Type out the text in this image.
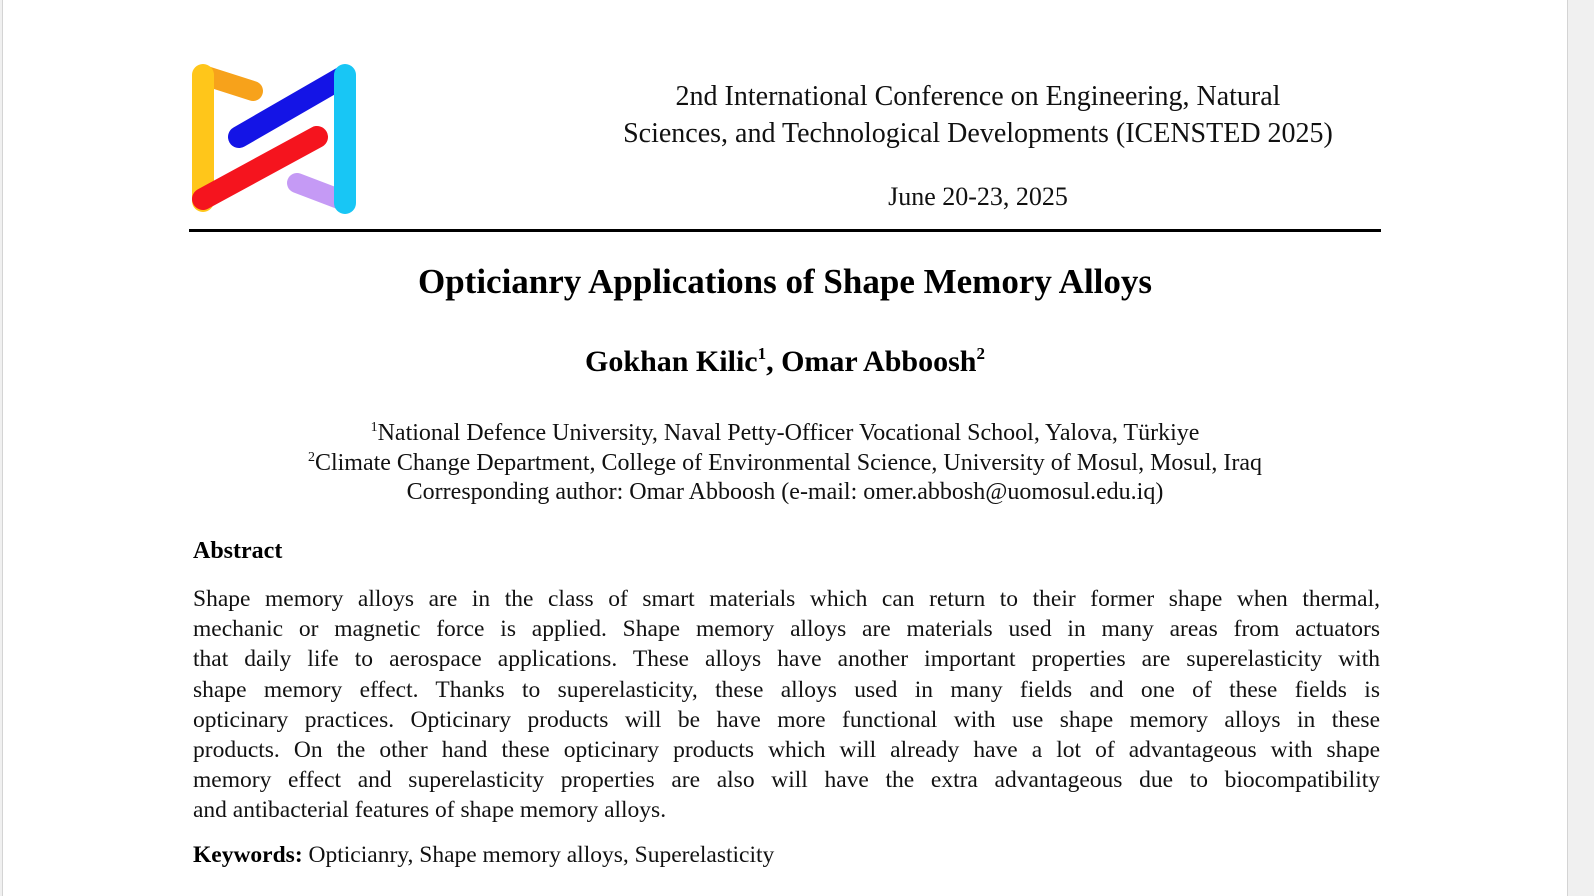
2nd International Conference on Engineering, Natural
Sciences, and Technological Developments (ICENSTED 2025)
June 20-23, 2025
Opticianry Applications of Shape Memory Alloys
Gokhan Kilic$^1$, Omar Abboosh$^2$
$^1$National Defence University, Naval Petty-Officer Vocational School, Yalova, Türkiye
$^2$Climate Change Department, College of Environmental Science, University of Mosul, Mosul, Iraq
Corresponding author: Omar Abboosh (e-mail: omer.abbosh@uomosul.edu.iq)
Abstract
Shape memory alloys are in the class of smart materials which can return to their former shape when thermal,
mechanic or magnetic force is applied. Shape memory alloys are materials used in many areas from actuators
that daily life to aerospace applications. These alloys have another important properties are superelasticity with
shape memory effect. Thanks to superelasticity, these alloys used in many fields and one of these fields is
opticinary practices. Opticinary products will be have more functional with use shape memory alloys in these
products. On the other hand these opticinary products which will already have a lot of advantageous with shape
memory effect and superelasticity properties are also will have the extra advantageous due to biocompatibility
and antibacterial features of shape memory alloys.
Keywords: Opticianry, Shape memory alloys, Superelasticity
